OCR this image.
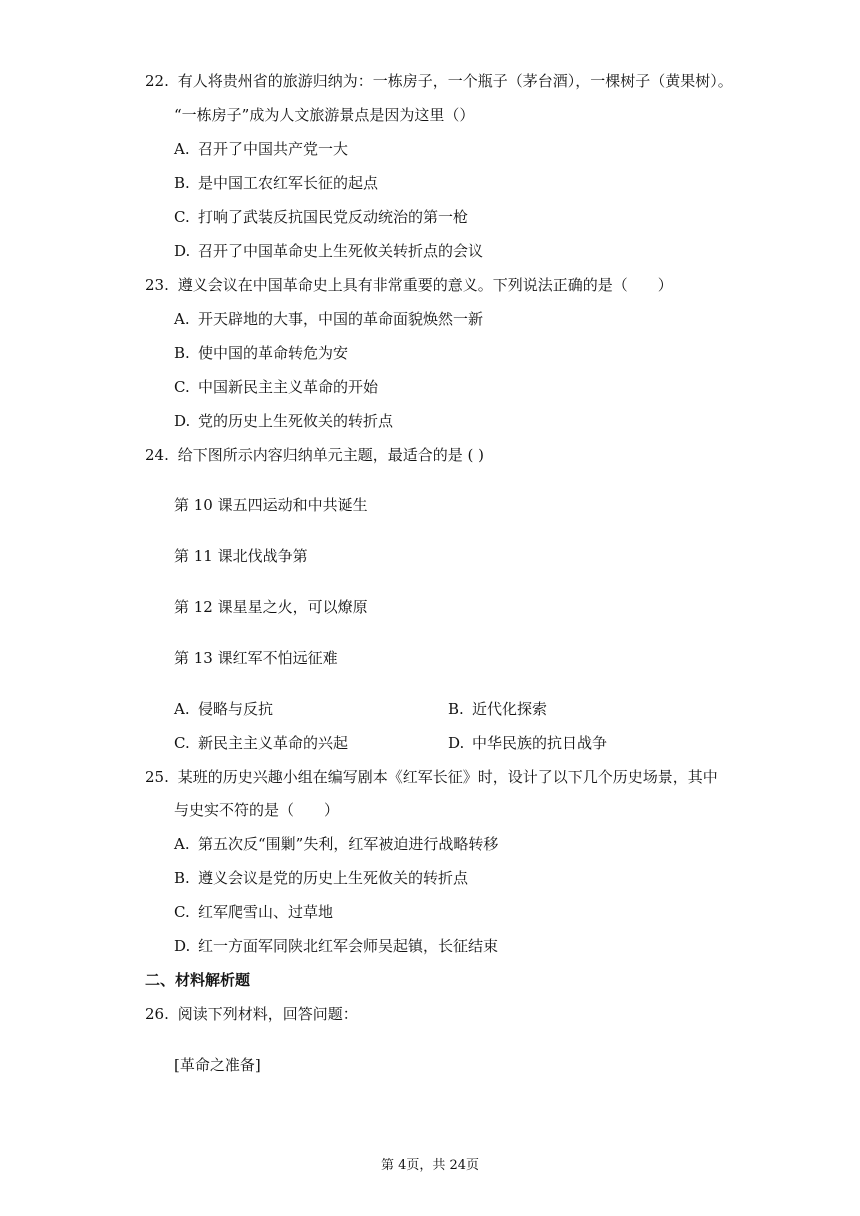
22. 有人将贵州省的旅游归纳为：一栋房子，一个瓶子（茅台酒），一棵树子（黄果树）。
“一栋房子”成为人文旅游景点是因为这里（）
A. 召开了中国共产党一大
B. 是中国工农红军长征的起点
C. 打响了武装反抗国民党反动统治的第一枪
D. 召开了中国革命史上生死攸关转折点的会议
23. 遵义会议在中国革命史上具有非常重要的意义。下列说法正确的是（　　）
A. 开天辟地的大事，中国的革命面貌焕然一新
B. 使中国的革命转危为安
C. 中国新民主主义革命的开始
D. 党的历史上生死攸关的转折点
24. 给下图所示内容归纳单元主题，最适合的是 ( )
第 10 课五四运动和中共诞生
第 11 课北伐战争第
第 12 课星星之火，可以燎原
第 13 课红军不怕远征难
A. 侵略与反抗	B. 近代化探索
C. 新民主主义革命的兴起	D. 中华民族的抗日战争
25. 某班的历史兴趣小组在编写剧本《红军长征》时，设计了以下几个历史场景，其中
与史实不符的是（　　）
A. 第五次反“围剿”失利，红军被迫进行战略转移
B. 遵义会议是党的历史上生死攸关的转折点
C. 红军爬雪山、过草地
D. 红一方面军同陕北红军会师吴起镇，长征结束
二、材料解析题
26. 阅读下列材料，回答问题：
[革命之准备]
第 4页，共 24页
